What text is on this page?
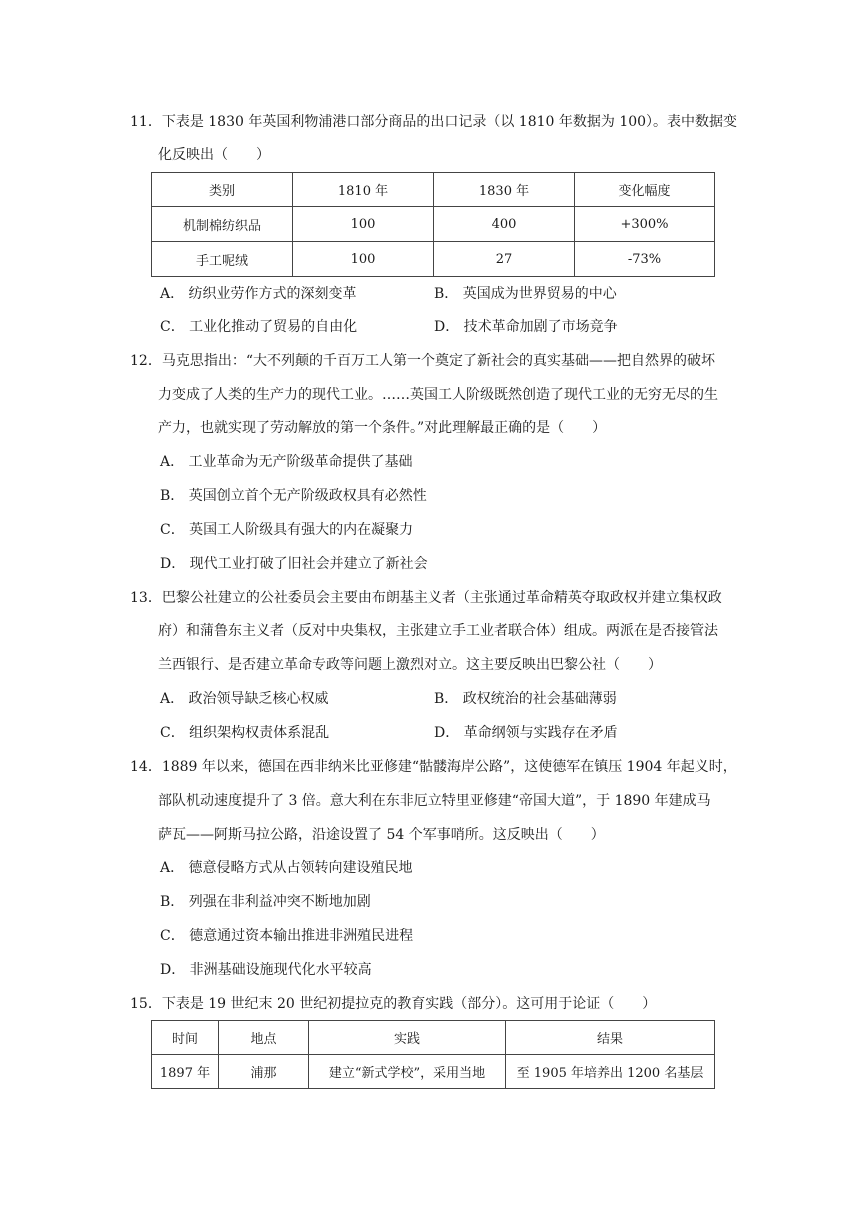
11．下表是 1830 年英国利物浦港口部分商品的出口记录（以 1810 年数据为 100）。表中数据变
化反映出（　　）
类别	1810 年	1830 年	变化幅度
机制棉纺织品	100	400	+300%
手工呢绒	100	27	-73%
A． 纺织业劳作方式的深刻变革	B． 英国成为世界贸易的中心
C． 工业化推动了贸易的自由化	D． 技术革命加剧了市场竞争
12．马克思指出：“大不列颠的千百万工人第一个奠定了新社会的真实基础——把自然界的破坏
力变成了人类的生产力的现代工业。……英国工人阶级既然创造了现代工业的无穷无尽的生
产力，也就实现了劳动解放的第一个条件。”对此理解最正确的是（　　）
A． 工业革命为无产阶级革命提供了基础
B． 英国创立首个无产阶级政权具有必然性
C． 英国工人阶级具有强大的内在凝聚力
D． 现代工业打破了旧社会并建立了新社会
13．巴黎公社建立的公社委员会主要由布朗基主义者（主张通过革命精英夺取政权并建立集权政
府）和蒲鲁东主义者（反对中央集权，主张建立手工业者联合体）组成。两派在是否接管法
兰西银行、是否建立革命专政等问题上激烈对立。这主要反映出巴黎公社（　　）
A． 政治领导缺乏核心权威	B． 政权统治的社会基础薄弱
C． 组织架构权责体系混乱	D． 革命纲领与实践存在矛盾
14．1889 年以来，德国在西非纳米比亚修建“骷髅海岸公路”，这使德军在镇压 1904 年起义时，
部队机动速度提升了 3 倍。意大利在东非厄立特里亚修建“帝国大道”，于 1890 年建成马
萨瓦——阿斯马拉公路，沿途设置了 54 个军事哨所。这反映出（　　）
A． 德意侵略方式从占领转向建设殖民地
B． 列强在非利益冲突不断地加剧
C． 德意通过资本输出推进非洲殖民进程
D． 非洲基础设施现代化水平较高
15．下表是 19 世纪末 20 世纪初提拉克的教育实践（部分）。这可用于论证（　　）
时间	地点	实践	结果
1897 年	浦那	建立“新式学校”，采用当地	至 1905 年培养出 1200 名基层
